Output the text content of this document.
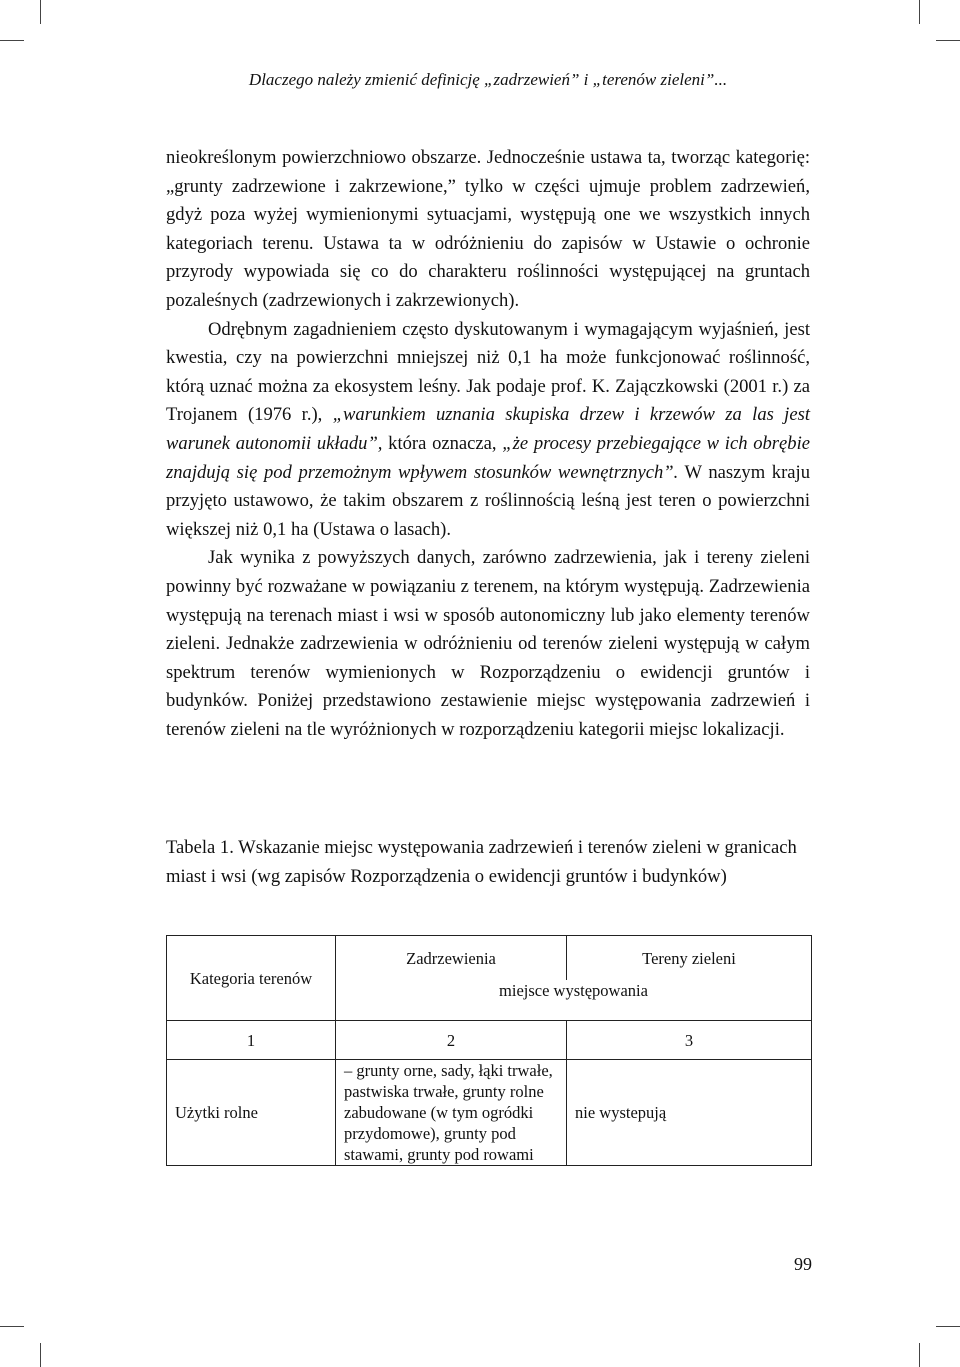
Dlaczego należy zmienić definicję „zadrzewień” i „terenów zieleni”...

nieokreślonym powierzchniowo obszarze. Jednocześnie ustawa ta, tworząc kategorię: „grunty zadrzewione i zakrzewione,” tylko w części ujmuje problem zadrzewień, gdyż poza wyżej wymienionymi sytuacjami, występują one we wszystkich innych kategoriach terenu. Ustawa ta w odróżnieniu do zapisów w Ustawie o ochronie przyrody wypowiada się co do charakteru roślinności występującej na gruntach pozaleśnych (zadrzewionych i zakrzewionych).

Odrębnym zagadnieniem często dyskutowanym i wymagającym wyjaśnień, jest kwestia, czy na powierzchni mniejszej niż 0,1 ha może funkcjonować roślinność, którą uznać można za ekosystem leśny. Jak podaje prof. K. Zajączkowski (2001 r.) za Trojanem (1976 r.), „warunkiem uznania skupiska drzew i krzewów za las jest warunek autonomii układu”, która oznacza, „że procesy przebiegające w ich obrębie znajdują się pod przemożnym wpływem stosunków wewnętrznych”. W naszym kraju przyjęto ustawowo, że takim obszarem z roślinnością leśną jest teren o powierzchni większej niż 0,1 ha (Ustawa o lasach).

Jak wynika z powyższych danych, zarówno zadrzewienia, jak i tereny zieleni powinny być rozważane w powiązaniu z terenem, na którym występują. Zadrzewienia występują na terenach miast i wsi w sposób autonomiczny lub jako elementy terenów zieleni. Jednakże zadrzewienia w odróżnieniu od terenów zieleni występują w całym spektrum terenów wymienionych w Rozporządzeniu o ewidencji gruntów i budynków. Poniżej przedstawiono zestawienie miejsc występowania zadrzewień i terenów zieleni na tle wyróżnionych w rozporządzeniu kategorii miejsc lokalizacji.

Tabela 1. Wskazanie miejsc występowania zadrzewień i terenów zieleni w granicach miast i wsi (wg zapisów Rozporządzenia o ewidencji gruntów i budynków)
Kategoria terenów	Zadrzewienia	Tereny zieleni
	miejsce występowania	
1	2	3
Użytki rolne	– grunty orne, sady, łąki trwałe, pastwiska trwałe, grunty rolne zabudowane (w tym ogródki przydomowe), grunty pod stawami, grunty pod rowami	nie wystepują
99
